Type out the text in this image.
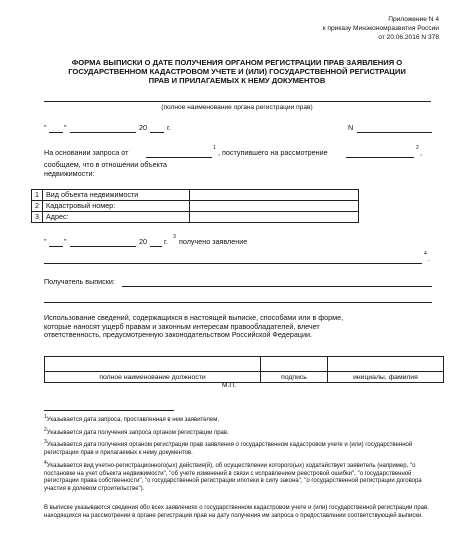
Приложение N 4
к приказу Минэкономразвития России
от 20.06.2016 N 378
ФОРМА ВЫПИСКИ О ДАТЕ ПОЛУЧЕНИЯ ОРГАНОМ РЕГИСТРАЦИИ ПРАВ ЗАЯВЛЕНИЯ О
ГОСУДАРСТВЕННОМ КАДАСТРОВОМ УЧЕТЕ И (ИЛИ) ГОСУДАРСТВЕННОЙ РЕГИСТРАЦИИ
ПРАВ И ПРИЛАГАЕМЫХ К НЕМУ ДОКУМЕНТОВ
(полное наименование органа регистрации прав)
" "	20	г.	N
На основании запроса от	1 , поступившего на рассмотрение	2 ,
сообщаем, что в отношении объекта
недвижимости:
1	Вид объекта недвижимости	
2	Кадастровый номер:	
3	Адрес:	
" "	20 г. 3 получено заявление
4 .
Получатель выписки:
Использование сведений, содержащихся в настоящей выписке, способами или в форме,
которые наносят ущерб правам и законным интересам правообладателей, влечет
ответственность, предусмотренную законодательством Российской Федерации.

полное наименование должности	подпись	инициалы, фамилия
М.П.
$^1$Указывается дата запроса, проставленная в нем заявителем.
$^2$Указывается дата получения запроса органом регистрации прав.
$^3$Указывается дата получения органом регистрации прав заявления о государственном кадастровом учете и (или) государственной регистрации прав и прилагаемых к нему документов.
$^4$Указывается вид учетно-регистрационного(ых) действия(й), об осуществлении которого(ых) ходатайствует заявитель (например, "о постановке на учет объекта недвижимости", "об учете изменений в связи с исправлением реестровой ошибки", "о государственной регистрации права собственности", "о государственной регистрации ипотеки в силу закона", "о государственной регистрации договора участия в долевом строительстве").
В выписке указываются сведения обо всех заявлениях о государственном кадастровом учете и (или) государственной регистрации прав, находящихся на рассмотрении в органе регистрации прав на дату получения им запроса о предоставлении соответствующей выписки.
